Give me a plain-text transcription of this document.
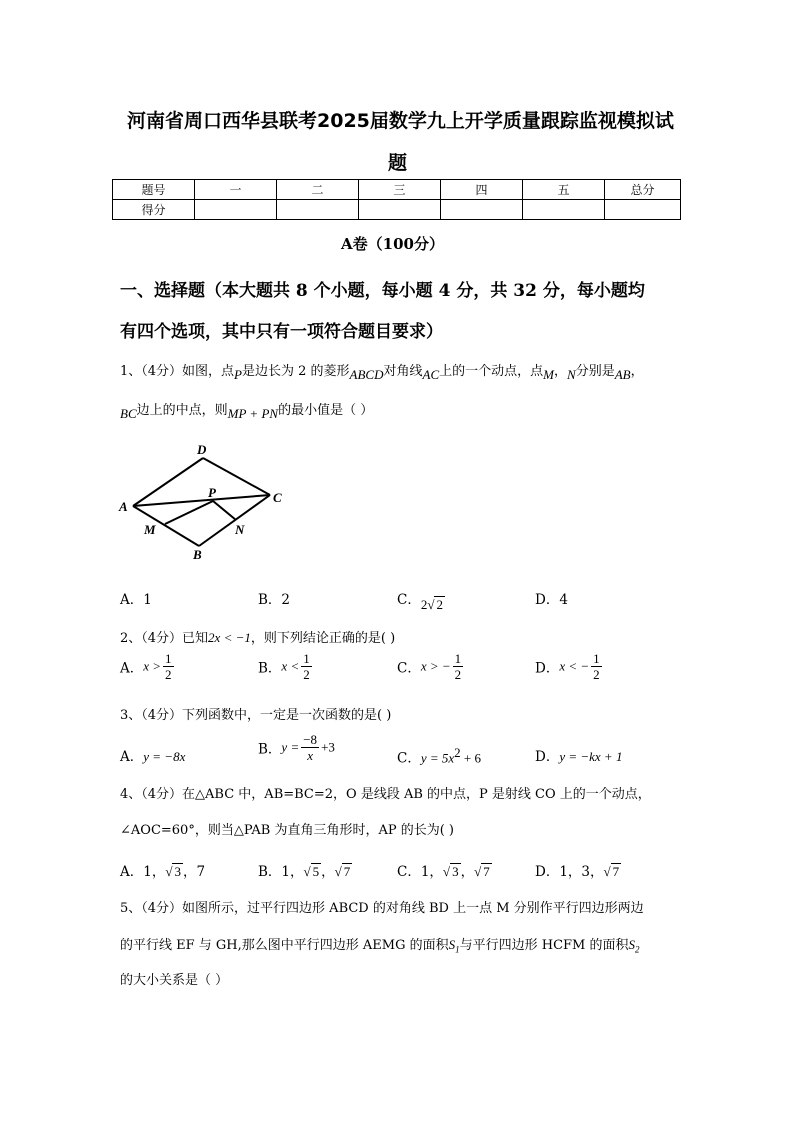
河南省周口西华县联考2025届数学九上开学质量跟踪监视模拟试
题
题号	一	二	三	四	五	总分
得分						
A卷（100分）
一、选择题（本大题共 8 个小题，每小题 4 分，共 32 分，每小题均
有四个选项，其中只有一项符合题目要求）
1、（4分）如图，点P是边长为 2 的菱形ABCD对角线AC上的一个动点，点M，N分别是AB，
BC边上的中点，则MP + PN的最小值是（ ）
A
D
C
B
P
M	N
A．1	B．2	C．2√ 2	D．4
2、（4分）已知2x < −1，则下列结论正确的是( )
A．$x > \frac{1}{2}$	B．$x < \frac{1}{2}$	C．x > − $\frac{1}{2}$	D．x < − $\frac{1}{2}$
3、（4分）下列函数中，一定是一次函数的是( )
A．y = −8x	B．$y = \frac{-8}{x} +3$
C．$y = 5x^2 + 6$	D．y = −kx + 1
4、（4分）在△ABC 中，AB=BC=2，O 是线段 AB 的中点，P 是射线 CO 上的一个动点，
∠AOC=60°，则当△PAB 为直角三角形时，AP 的长为( )
A．1，√ 3 ，7	B．1，√ 5 ，√ 7	C．1，√ 3 ，√ 7	D．1，3，√ 7
5、（4分）如图所示，过平行四边形 ABCD 的对角线 BD 上一点 M 分别作平行四边形两边
的平行线 EF 与 GH,那么图中平行四边形 AEMG 的面积$S_1$与平行四边形 HCFM 的面积$S_2$
的大小关系是（ ）
